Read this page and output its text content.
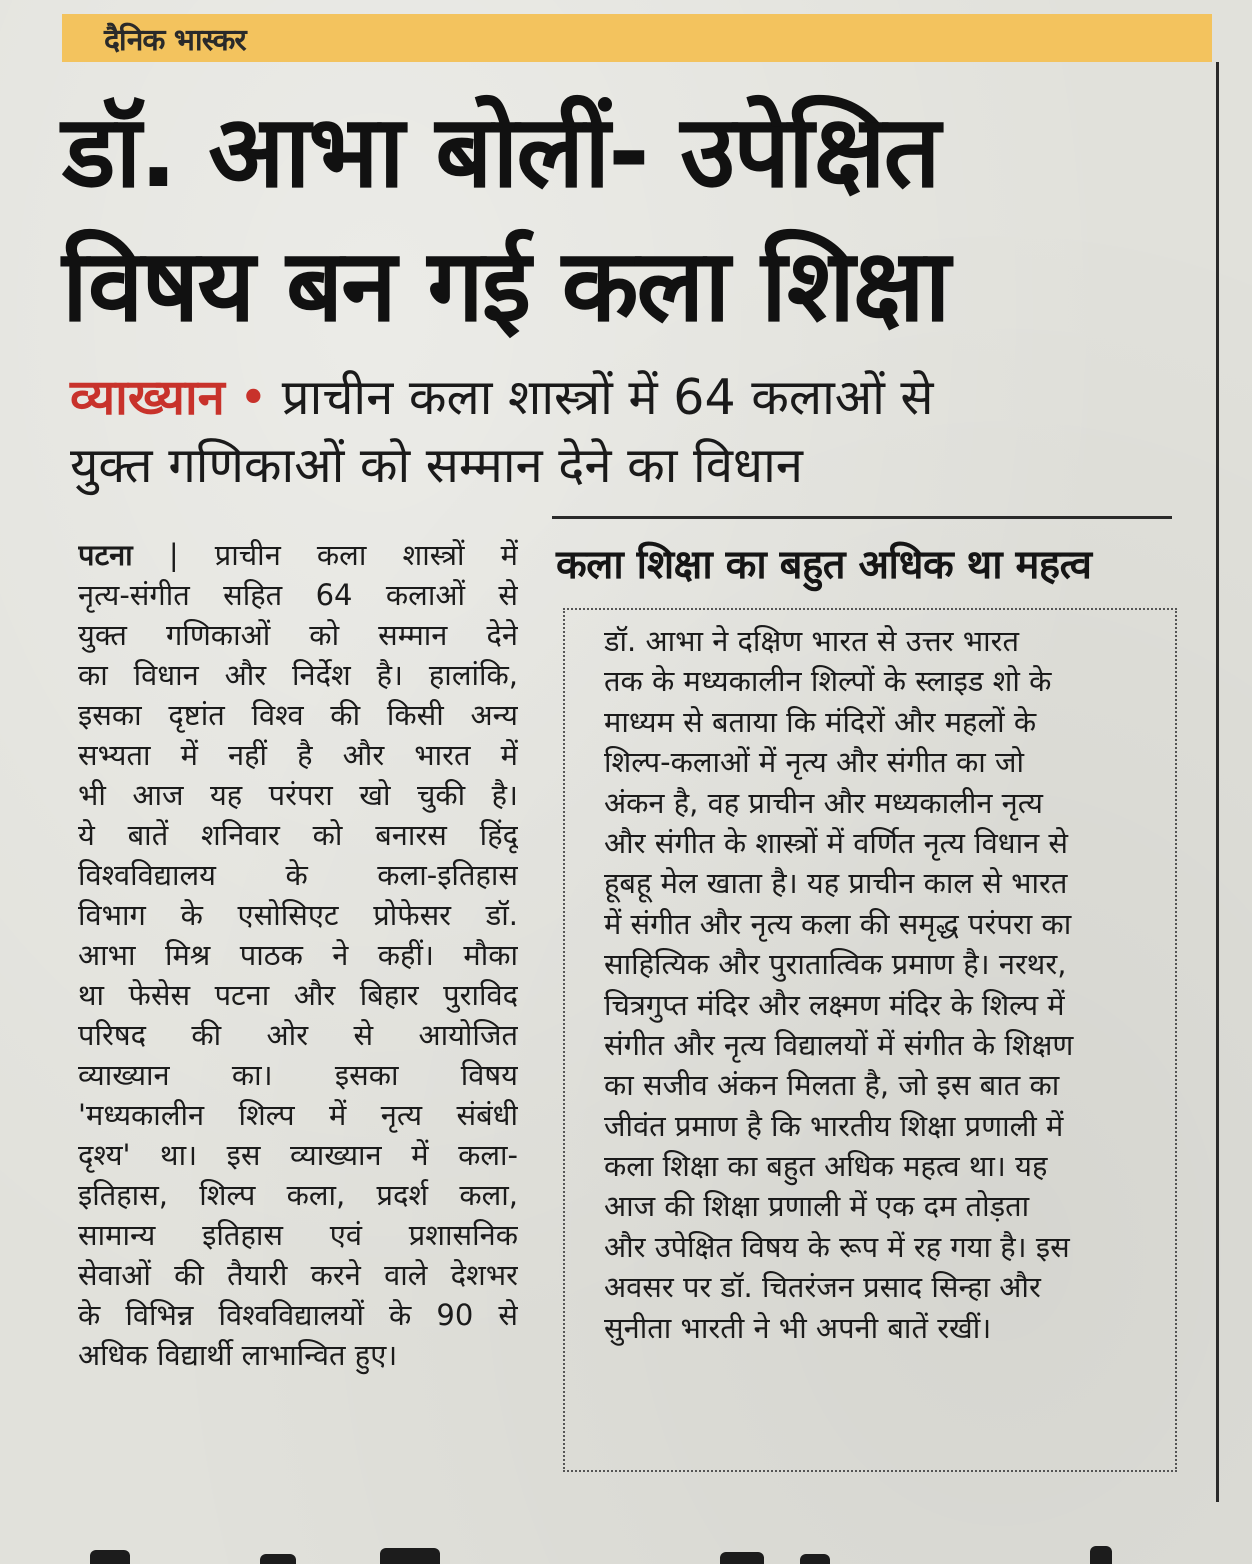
दैनिक भास्कर
डॉ. आभा बोलीं- उपेक्षित
विषय बन गई कला शिक्षा
व्याख्यान • प्राचीन कला शास्त्रों में 64 कलाओं से
युक्त गणिकाओं को सम्मान देने का विधान
पटना | प्राचीन कला शास्त्रों में
नृत्य-संगीत सहित 64 कलाओं से
युक्त गणिकाओं को सम्मान देने
का विधान और निर्देश है। हालांकि,
इसका दृष्टांत विश्व की किसी अन्य
सभ्यता में नहीं है और भारत में
भी आज यह परंपरा खो चुकी है।
ये बातें शनिवार को बनारस हिंदू
विश्वविद्यालय के कला-इतिहास
विभाग के एसोसिएट प्रोफेसर डॉ.
आभा मिश्र पाठक ने कहीं। मौका
था फेसेस पटना और बिहार पुराविद
परिषद की ओर से आयोजित
व्याख्यान का। इसका विषय
'मध्यकालीन शिल्प में नृत्य संबंधी
दृश्य' था। इस व्याख्यान में कला-
इतिहास, शिल्प कला, प्रदर्श कला,
सामान्य इतिहास एवं प्रशासनिक
सेवाओं की तैयारी करने वाले देशभर
के विभिन्न विश्वविद्यालयों के 90 से
अधिक विद्यार्थी लाभान्वित हुए।
कला शिक्षा का बहुत अधिक था महत्व
डॉ. आभा ने दक्षिण भारत से उत्तर भारत
तक के मध्यकालीन शिल्पों के स्लाइड शो के
माध्यम से बताया कि मंदिरों और महलों के
शिल्प-कलाओं में नृत्य और संगीत का जो
अंकन है, वह प्राचीन और मध्यकालीन नृत्य
और संगीत के शास्त्रों में वर्णित नृत्य विधान से
हूबहू मेल खाता है। यह प्राचीन काल से भारत
में संगीत और नृत्य कला की समृद्ध परंपरा का
साहित्यिक और पुरातात्विक प्रमाण है। नरथर,
चित्रगुप्त मंदिर और लक्ष्मण मंदिर के शिल्प में
संगीत और नृत्य विद्यालयों में संगीत के शिक्षण
का सजीव अंकन मिलता है, जो इस बात का
जीवंत प्रमाण है कि भारतीय शिक्षा प्रणाली में
कला शिक्षा का बहुत अधिक महत्व था। यह
आज की शिक्षा प्रणाली में एक दम तोड़ता
और उपेक्षित विषय के रूप में रह गया है। इस
अवसर पर डॉ. चितरंजन प्रसाद सिन्हा और
सुनीता भारती ने भी अपनी बातें रखीं।
